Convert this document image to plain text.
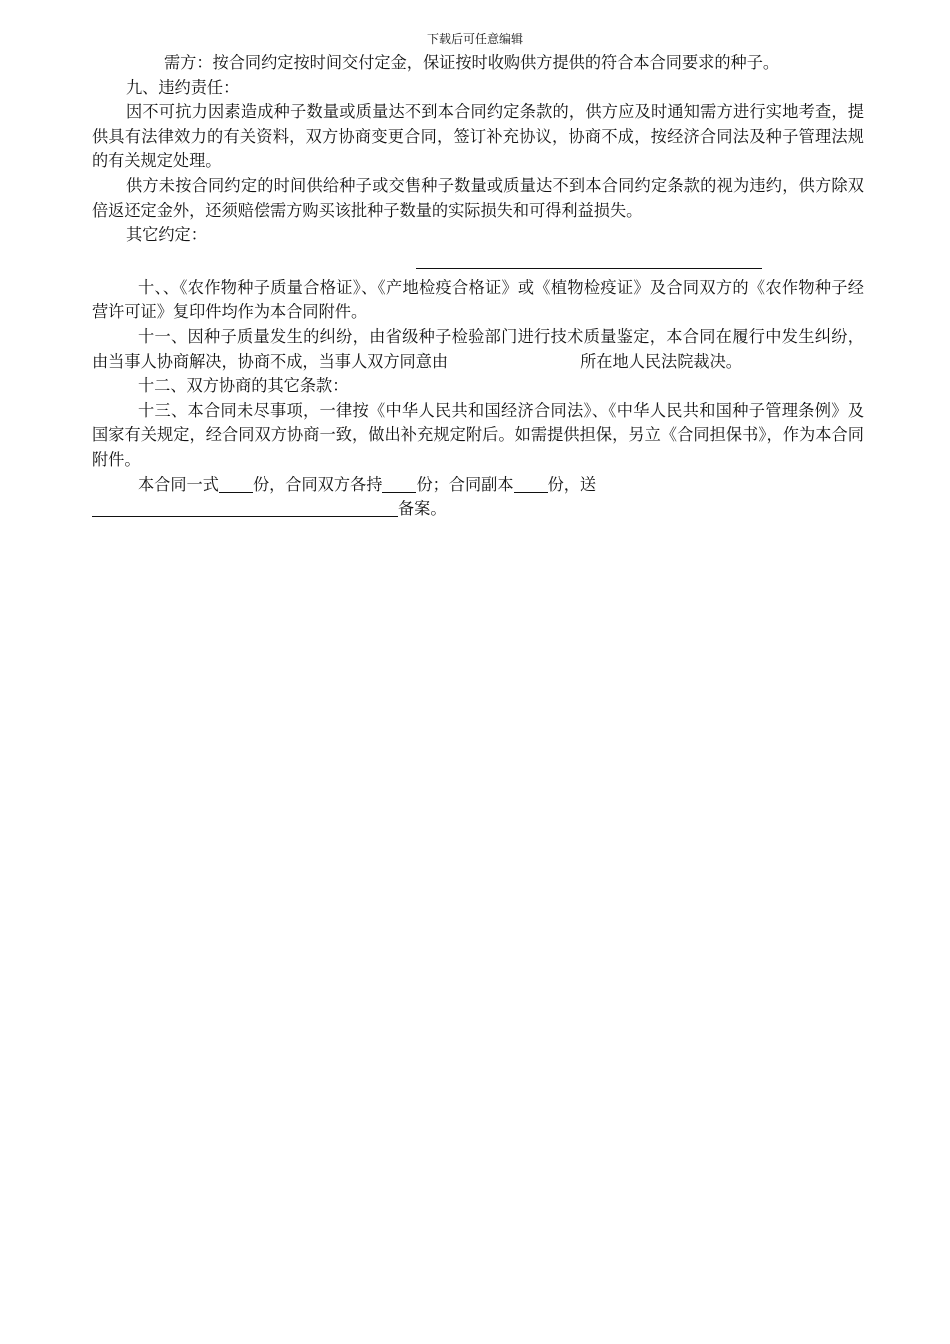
下载后可任意编辑

需方：按合同约定按时间交付定金，保证按时收购供方提供的符合本合同要求的种子。

九、违约责任：

因不可抗力因素造成种子数量或质量达不到本合同约定条款的，供方应及时通知需方进行实地考查，提供具有法律效力的有关资料，双方协商变更合同，签订补充协议，协商不成，按经济合同法及种子管理法规的有关规定处理。

供方未按合同约定的时间供给种子或交售种子数量或质量达不到本合同约定条款的视为违约，供方除双倍返还定金外，还须赔偿需方购买该批种子数量的实际损失和可得利益损失。

其它约定：

十、、《农作物种子质量合格证》、《产地检疫合格证》或《植物检疫证》及合同双方的《农作物种子经营许可证》复印件均作为本合同附件。

十一、因种子质量发生的纠纷，由省级种子检验部门进行技术质量鉴定，本合同在履行中发生纠纷，由当事人协商解决，协商不成，当事人双方同意由	所在地人民法院裁决。

十二、双方协商的其它条款：

十三、本合同未尽事项，一律按《中华人民共和国经济合同法》、《中华人民共和国种子管理条例》及国家有关规定，经合同双方协商一致，做出补充规定附后。如需提供担保，另立《合同担保书》，作为本合同附件。

本合同一式 份，合同双方各持 份；合同副本 份，送
备案。
